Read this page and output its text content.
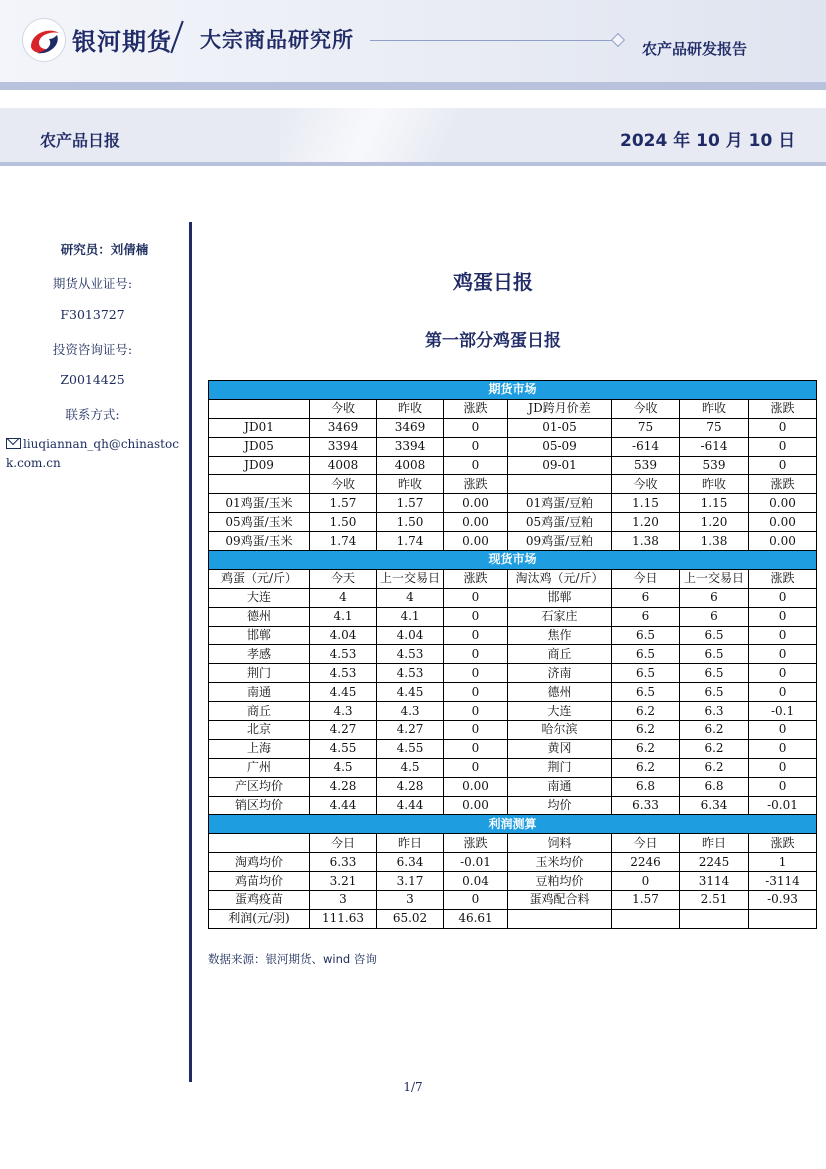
银河期货 大宗商品研究所	农产品研发报告
农产品日报	2024 年 10 月 10 日
研究员：刘倩楠
期货从业证号:
F3013727
投资咨询证号:
Z0014425
联系方式:
liuqiannan_qh@chinastock.com.cn
鸡蛋日报
第一部分鸡蛋日报
期货市场							
	今收	昨收	涨跌	JD跨月价差	今收	昨收	涨跌
JD01	3469	3469	0	01-05	75	75	0
JD05	3394	3394	0	05-09	-614	-614	0
JD09	4008	4008	0	09-01	539	539	0
	今收	昨收	涨跌		今收	昨收	涨跌
01鸡蛋/玉米	1.57	1.57	0.00	01鸡蛋/豆粕	1.15	1.15	0.00
05鸡蛋/玉米	1.50	1.50	0.00	05鸡蛋/豆粕	1.20	1.20	0.00
09鸡蛋/玉米	1.74	1.74	0.00	09鸡蛋/豆粕	1.38	1.38	0.00
现货市场							
鸡蛋（元/斤）	今天	上一交易日	涨跌	淘汰鸡（元/斤）	今日	上一交易日	涨跌
大连	4	4	0	邯郸	6	6	0
德州	4.1	4.1	0	石家庄	6	6	0
邯郸	4.04	4.04	0	焦作	6.5	6.5	0
孝感	4.53	4.53	0	商丘	6.5	6.5	0
荆门	4.53	4.53	0	济南	6.5	6.5	0
南通	4.45	4.45	0	德州	6.5	6.5	0
商丘	4.3	4.3	0	大连	6.2	6.3	-0.1
北京	4.27	4.27	0	哈尔滨	6.2	6.2	0
上海	4.55	4.55	0	黄冈	6.2	6.2	0
广州	4.5	4.5	0	荆门	6.2	6.2	0
产区均价	4.28	4.28	0.00	南通	6.8	6.8	0
销区均价	4.44	4.44	0.00	均价	6.33	6.34	-0.01
利润测算							
	今日	昨日	涨跌	饲料	今日	昨日	涨跌
淘鸡均价	6.33	6.34	-0.01	玉米均价	2246	2245	1
鸡苗均价	3.21	3.17	0.04	豆粕均价	0	3114	-3114
蛋鸡疫苗	3	3	0	蛋鸡配合料	1.57	2.51	-0.93
利润(元/羽)	111.63	65.02	46.61				
数据来源：银河期货、wind 咨询
1/7
